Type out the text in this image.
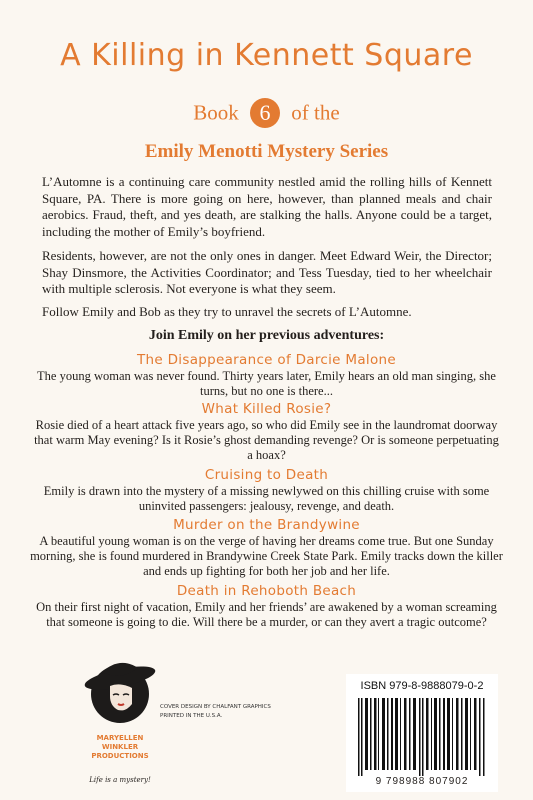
A Killing in Kennett Square
Book 6 of the
Emily Menotti Mystery Series

L’Automne is a continuing care community nestled amid the rolling hills of Kennett Square, PA. There is more going on here, however, than planned meals and chair aerobics. Fraud, theft, and yes death, are stalking the halls. Anyone could be a target, including the mother of Emily’s boyfriend.

Residents, however, are not the only ones in danger. Meet Edward Weir, the Director; Shay Dinsmore, the Activities Coordinator; and Tess Tuesday, tied to her wheelchair with multiple sclerosis. Not everyone is what they seem.

Follow Emily and Bob as they try to unravel the secrets of L’Automne.

Join Emily on her previous adventures:
The Disappearance of Darcie Malone
The young woman was never found. Thirty years later, Emily hears an old man singing, she turns, but no one is there...
What Killed Rosie?
Rosie died of a heart attack five years ago, so who did Emily see in the laundromat doorway that warm May evening? Is it Rosie’s ghost demanding revenge? Or is someone perpetuating a hoax?
Cruising to Death
Emily is drawn into the mystery of a missing newlywed on this chilling cruise with some uninvited passengers: jealousy, revenge, and death.
Murder on the Brandywine
A beautiful young woman is on the verge of having her dreams come true. But one Sunday morning, she is found murdered in Brandywine Creek State Park. Emily tracks down the killer and ends up fighting for both her job and her life.
Death in Rehoboth Beach
On their first night of vacation, Emily and her friends’ are awakened by a woman screaming that someone is going to die. Will there be a murder, or can they avert a tragic outcome?
MARYELLEN
WINKLER
PRODUCTIONS
Life is a mystery!
COVER DESIGN BY CHALFANT GRAPHICS
PRINTED IN THE U.S.A.
ISBN 979-8-9888079-0-2
9 798988 807902
